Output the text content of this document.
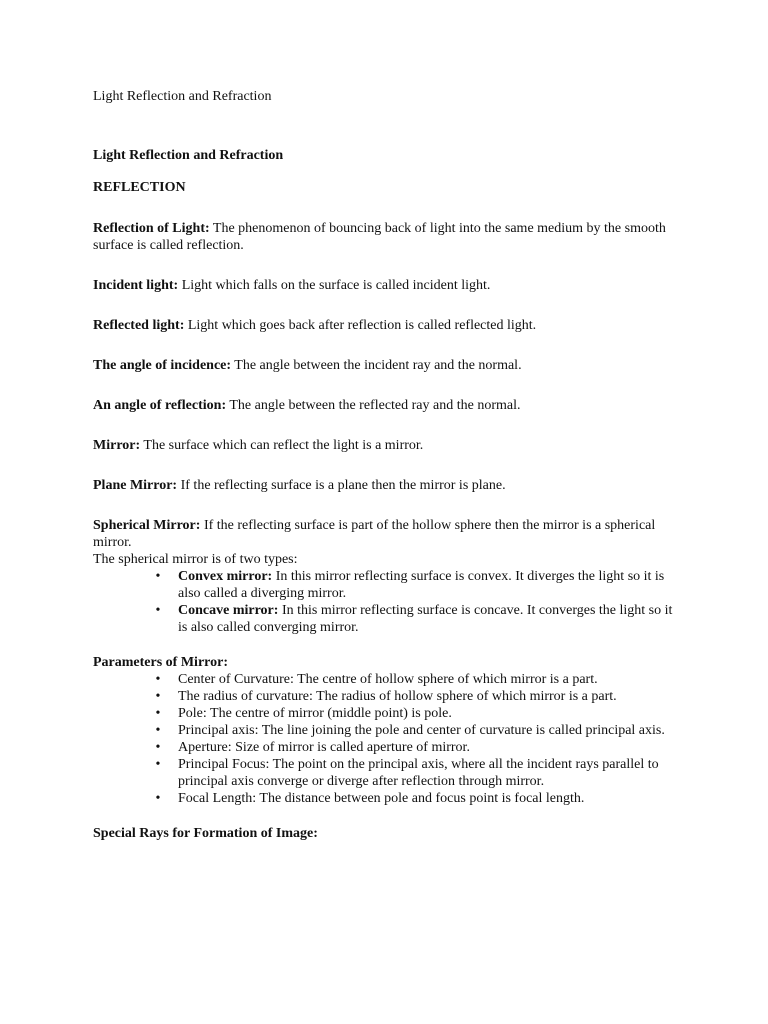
Light Reflection and Refraction

Light Reflection and Refraction

REFLECTION

Reflection of Light: The phenomenon of bouncing back of light into the same medium by the smooth surface is called reflection.

Incident light: Light which falls on the surface is called incident light.

Reflected light: Light which goes back after reflection is called reflected light.

The angle of incidence: The angle between the incident ray and the normal.

An angle of reflection: The angle between the reflected ray and the normal.

Mirror: The surface which can reflect the light is a mirror.

Plane Mirror: If the reflecting surface is a plane then the mirror is plane.

Spherical Mirror: If the reflecting surface is part of the hollow sphere then the mirror is a spherical mirror.

The spherical mirror is of two types:

• Convex mirror: In this mirror reflecting surface is convex. It diverges the light so it is also called a diverging mirror.
• Concave mirror: In this mirror reflecting surface is concave. It converges the light so it is also called converging mirror.

Parameters of Mirror:

• Center of Curvature: The centre of hollow sphere of which mirror is a part.
• The radius of curvature: The radius of hollow sphere of which mirror is a part.
• Pole: The centre of mirror (middle point) is pole.
• Principal axis: The line joining the pole and center of curvature is called principal axis.
• Aperture: Size of mirror is called aperture of mirror.
• Principal Focus: The point on the principal axis, where all the incident rays parallel to principal axis converge or diverge after reflection through mirror.
• Focal Length: The distance between pole and focus point is focal length.

Special Rays for Formation of Image:
